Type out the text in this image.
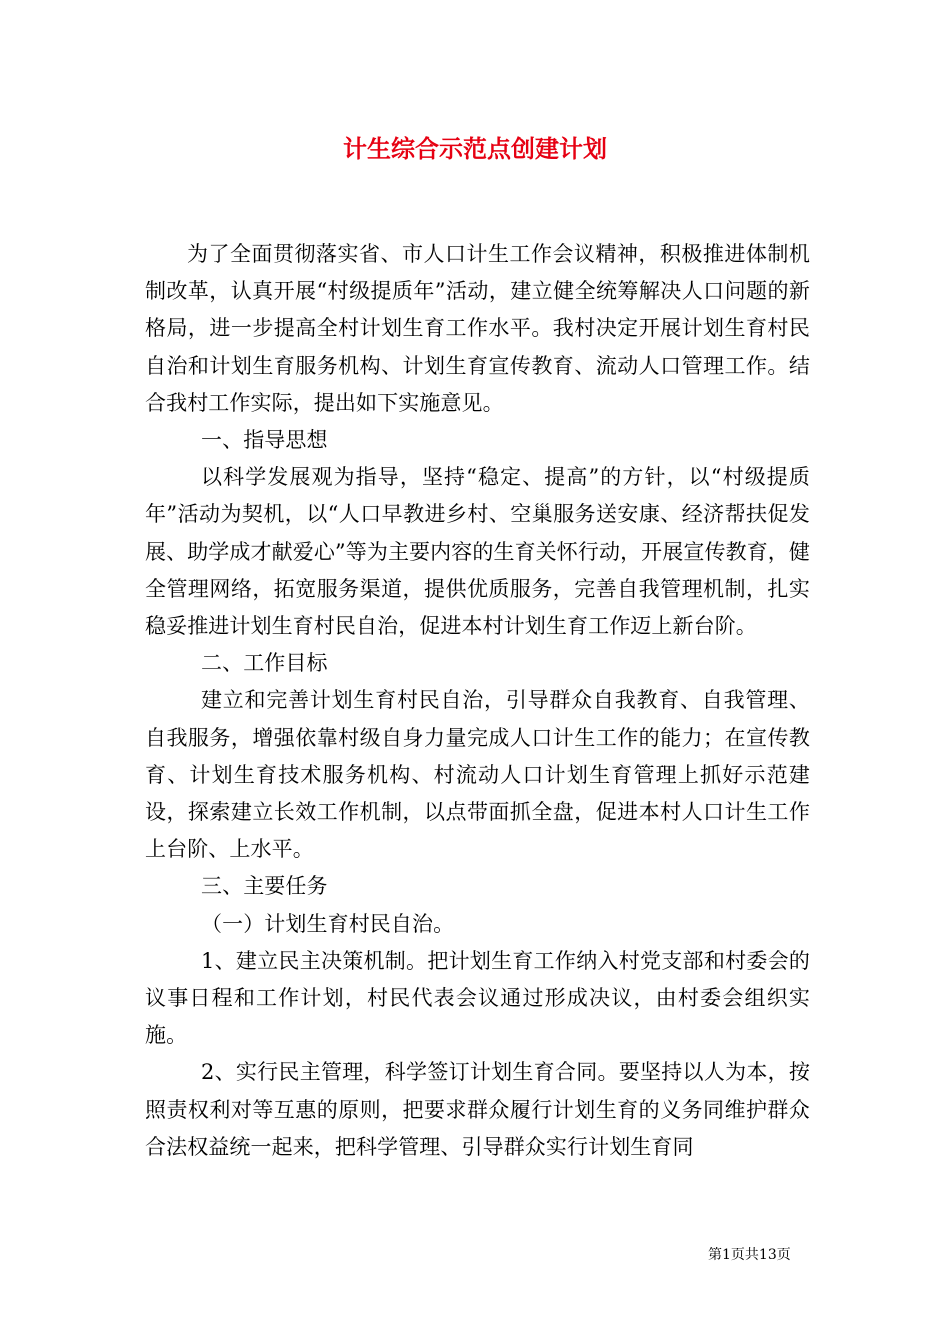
计生综合示范点创建计划

为了全面贯彻落实省、市人口计生工作会议精神，积极推进体制机制改革，认真开展“村级提质年”活动，建立健全统筹解决人口问题的新格局，进一步提高全村计划生育工作水平。我村决定开展计划生育村民自治和计划生育服务机构、计划生育宣传教育、流动人口管理工作。结合我村工作实际，提出如下实施意见。

一、指导思想

以科学发展观为指导，坚持“稳定、提高”的方针，以“村级提质年”活动为契机，以“人口早教进乡村、空巢服务送安康、经济帮扶促发展、助学成才献爱心”等为主要内容的生育关怀行动，开展宣传教育，健全管理网络，拓宽服务渠道，提供优质服务，完善自我管理机制，扎实稳妥推进计划生育村民自治，促进本村计划生育工作迈上新台阶。

二、工作目标

建立和完善计划生育村民自治，引导群众自我教育、自我管理、自我服务，增强依靠村级自身力量完成人口计生工作的能力；在宣传教育、计划生育技术服务机构、村流动人口计划生育管理上抓好示范建设，探索建立长效工作机制，以点带面抓全盘，促进本村人口计生工作上台阶、上水平。

三、主要任务

（一）计划生育村民自治。

1、建立民主决策机制。把计划生育工作纳入村党支部和村委会的议事日程和工作计划，村民代表会议通过形成决议，由村委会组织实施。

2、实行民主管理，科学签订计划生育合同。要坚持以人为本，按照责权利对等互惠的原则，把要求群众履行计划生育的义务同维护群众合法权益统一起来，把科学管理、引导群众实行计划生育同

第1页共13页
